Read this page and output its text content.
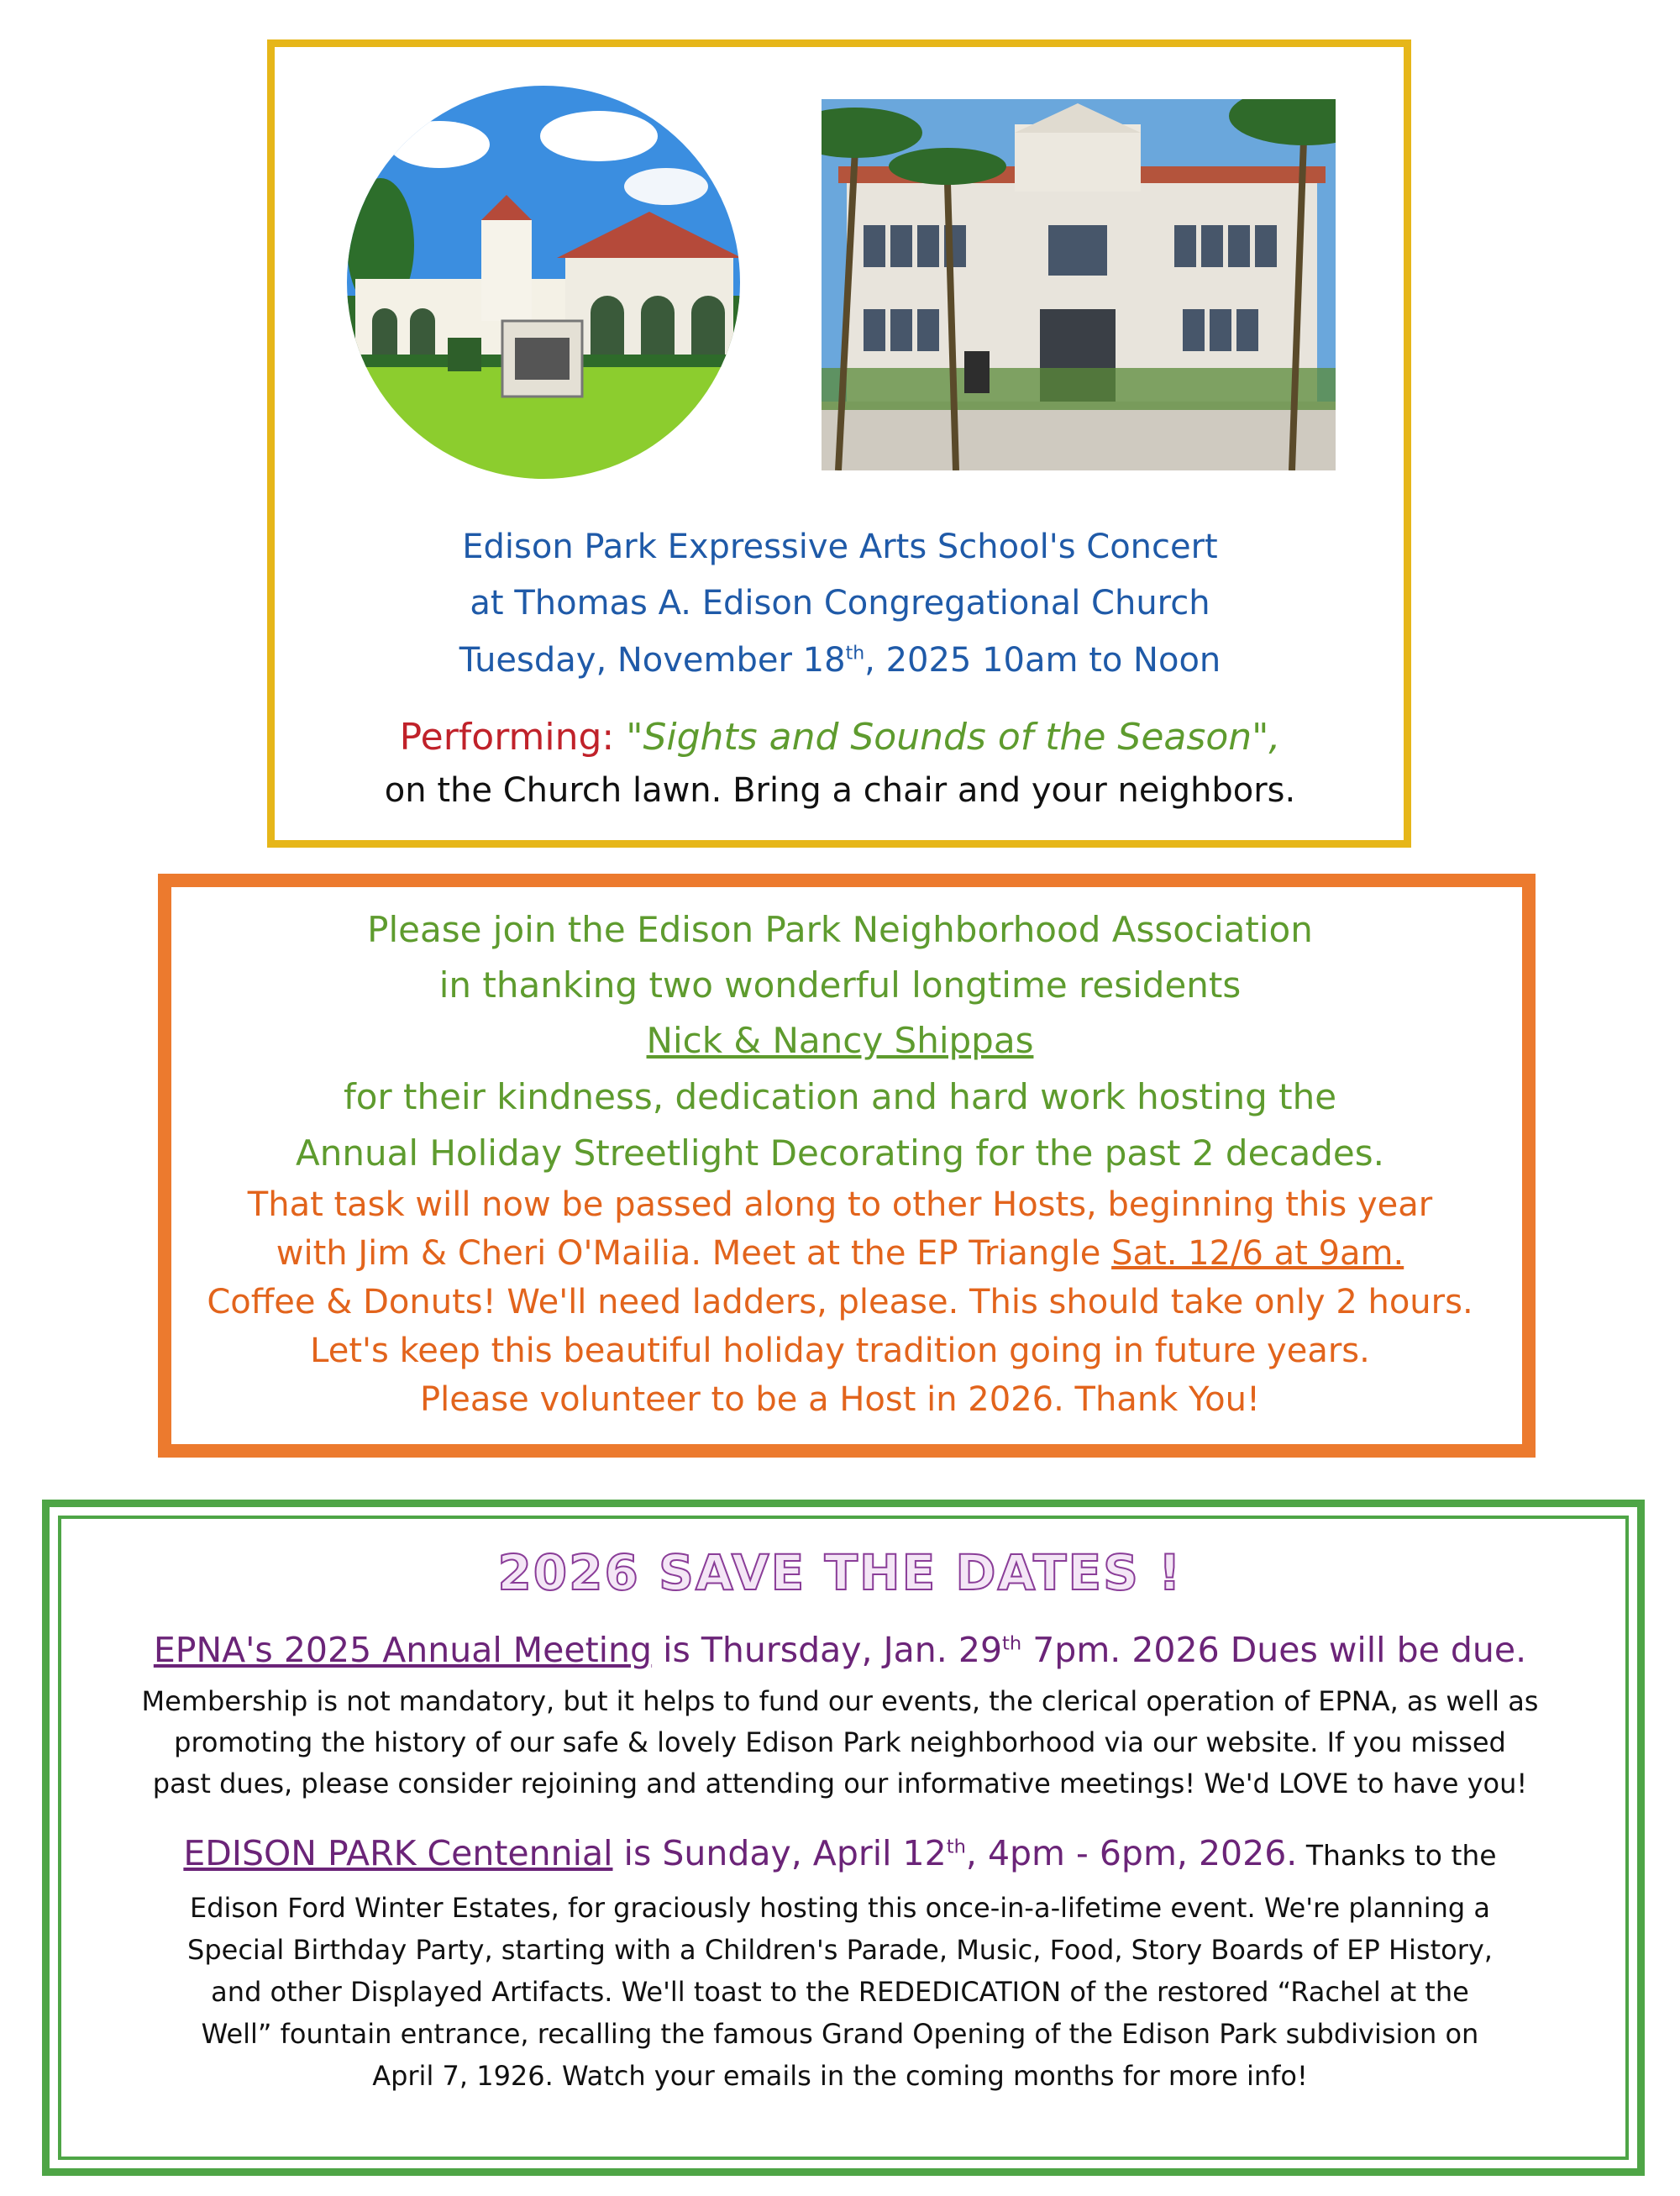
Edison Park Expressive Arts School's Concert
at Thomas A. Edison Congregational Church
Tuesday, November 18th, 2025 10am to Noon
Performing: "Sights and Sounds of the Season",
on the Church lawn. Bring a chair and your neighbors.
Please join the Edison Park Neighborhood Association
in thanking two wonderful longtime residents
Nick & Nancy Shippas
for their kindness, dedication and hard work hosting the
Annual Holiday Streetlight Decorating for the past 2 decades.
That task will now be passed along to other Hosts, beginning this year
with Jim & Cheri O'Mailia. Meet at the EP Triangle Sat. 12/6 at 9am.
Coffee & Donuts! We'll need ladders, please. This should take only 2 hours.
Let's keep this beautiful holiday tradition going in future years.
Please volunteer to be a Host in 2026. Thank You!
2026 SAVE THE DATES !
EPNA's 2025 Annual Meeting is Thursday, Jan. 29th 7pm. 2026 Dues will be due.
Membership is not mandatory, but it helps to fund our events, the clerical operation of EPNA, as well as
promoting the history of our safe & lovely Edison Park neighborhood via our website. If you missed
past dues, please consider rejoining and attending our informative meetings! We'd LOVE to have you!
EDISON PARK Centennial is Sunday, April 12th, 4pm - 6pm, 2026. Thanks to the
Edison Ford Winter Estates, for graciously hosting this once-in-a-lifetime event. We're planning a
Special Birthday Party, starting with a Children's Parade, Music, Food, Story Boards of EP History,
and other Displayed Artifacts. We'll toast to the REDEDICATION of the restored “Rachel at the
Well” fountain entrance, recalling the famous Grand Opening of the Edison Park subdivision on
April 7, 1926. Watch your emails in the coming months for more info!
